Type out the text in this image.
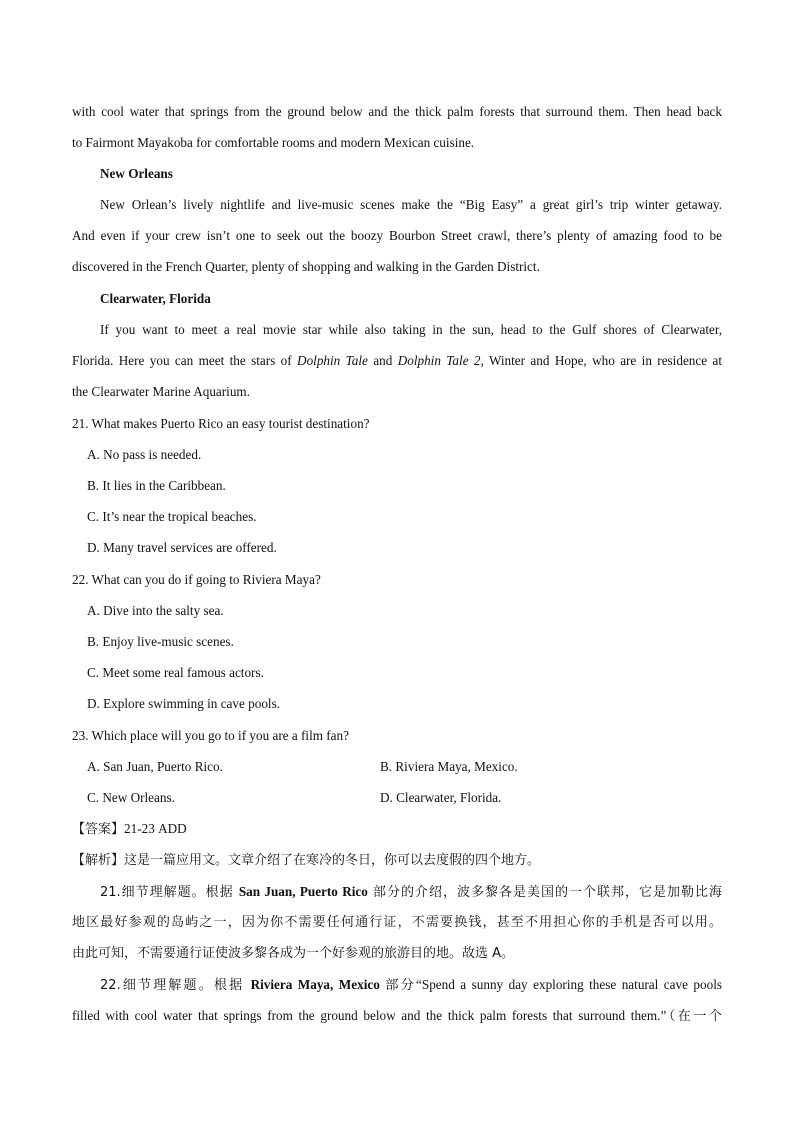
with cool water that springs from the ground below and the thick palm forests that surround them. Then head back
to Fairmont Mayakoba for comfortable rooms and modern Mexican cuisine.
New Orleans
New Orlean’s lively nightlife and live-music scenes make the “Big Easy” a great girl’s trip winter getaway.
And even if your crew isn’t one to seek out the boozy Bourbon Street crawl, there’s plenty of amazing food to be
discovered in the French Quarter, plenty of shopping and walking in the Garden District.
Clearwater, Florida
If you want to meet a real movie star while also taking in the sun, head to the Gulf shores of Clearwater,
Florida. Here you can meet the stars of Dolphin Tale and Dolphin Tale 2, Winter and Hope, who are in residence at
the Clearwater Marine Aquarium.
21. What makes Puerto Rico an easy tourist destination?
A. No pass is needed.
B. It lies in the Caribbean.
C. It’s near the tropical beaches.
D. Many travel services are offered.
22. What can you do if going to Riviera Maya?
A. Dive into the salty sea.
B. Enjoy live-music scenes.
C. Meet some real famous actors.
D. Explore swimming in cave pools.
23. Which place will you go to if you are a film fan?
A. San Juan, Puerto Rico.	B. Riviera Maya, Mexico.
C. New Orleans.	D. Clearwater, Florida.
【答案】21-23 ADD
【解析】这是一篇应用文。文章介绍了在寒冷的冬日，你可以去度假的四个地方。
21.细节理解题。根据 San Juan, Puerto Rico 部分的介绍，波多黎各是美国的一个联邦，它是加勒比海
地区最好参观的岛屿之一，因为你不需要任何通行证，不需要换钱，甚至不用担心你的手机是否可以用。
由此可知，不需要通行证使波多黎各成为一个好参观的旅游目的地。故选 A。
22.细节理解题。根据 Riviera Maya, Mexico 部分“Spend a sunny day exploring these natural cave pools
filled with cool water that springs from the ground below and the thick palm forests that surround them.”（在一个
